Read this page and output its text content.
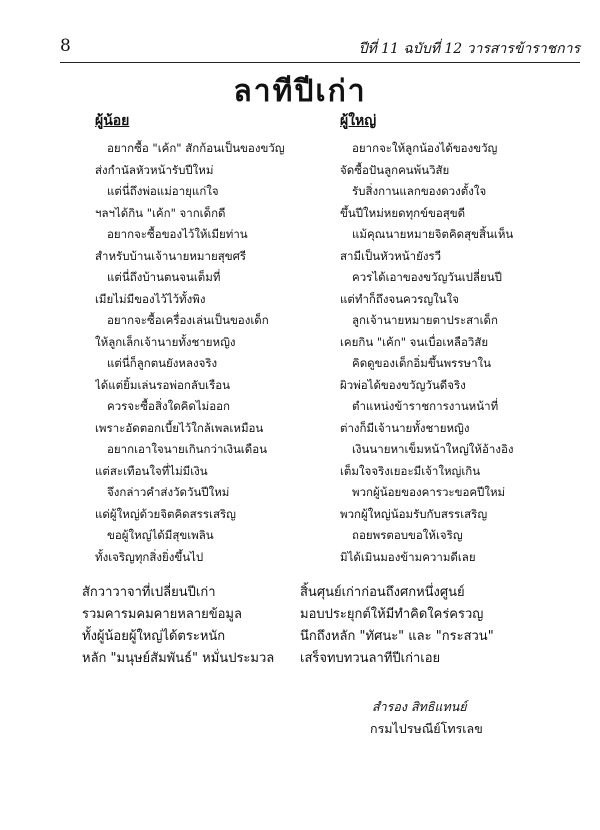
8	ปีที่ 11 ฉบับที่ 12 วารสารข้าราชการ
ลาทีปีเก่า
ผู้น้อย
อยากซื้อ "เค้ก" สักก้อนเป็นของขวัญ
ส่งกำนัลหัวหน้ารับปีใหม่
แต่นี่ถึงพ่อแม่อายุแก่ใจ
ฯลฯได้กิน "เค้ก" จากเด็กดี
อยากจะซื้อของไว้ให้เมียท่าน
สำหรับบ้านเจ้านายหมายสุขศรี
แต่นี่ถึงบ้านตนจนเต็มที่
เมียไม่มีของไว้ไว้ทั้งพิง
อยากจะซื้อเครื่องเล่นเป็นของเด็ก
ให้ลูกเล็กเจ้านายทั้งชายหญิง
แต่นี่ก็ลูกตนยังหลงจริง
ได้แต่ยิ้มเล่นรอพ่อกลับเรือน
ควรจะซื้อสิ่งใดคิดไม่ออก
เพราะอัดตอกเบี้ยไว้ใกล้เพลเหมือน
อยากเอาใจนายเกินกว่าเงินเดือน
แต่สะเทือนใจที่ไม่มีเงิน
จึงกล่าวคำส่งวัดวันปีใหม่
แด่ผู้ใหญ่ด้วยจิตคิดสรรเสริญ
ขอผู้ใหญ่ได้มีสุขเพลิน
ทั้งเจริญทุกสิ่งยิ่งขึ้นไป
ผู้ใหญ่
อยากจะให้ลูกน้องได้ของขวัญ
จัดซื้อปันลูกคนพ้นวิสัย
รับสิ่งกานแลกของดวงตั้งใจ
ขึ้นปีใหม่หยดทุกข์ขอสุขดี
แม้คุณนายหมายจิตคิดสุขสิ้นเห็น
สามีเป็นหัวหน้ายังรวี
ควรได้เอาของขวัญวันเปลี่ยนปี
แต่ทำก็ถึงจนควรญในใจ
ลูกเจ้านายหมายตาประสาเด็ก
เคยกิน "เค้ก" จนเบื่อเหลือวิสัย
คิดดูของเด็กอิ่มขึ้นพรรษาใน
ผิวพ่อได้ของขวัญวันดีจริง
ตำแหน่งข้าราชการงานหน้าที่
ต่างก็มีเจ้านายทั้งชายหญิง
เงินนายหาเข็มหน้าใหญ่ให้อ้างอิง
เต็มใจจริงเยอะมีเจ้าใหญ่เกิน
พวกผู้น้อยของคารวะขอคปีใหม่
พวกผู้ใหญ่น้อมรับกับสรรเสริญ
ถอยพรตอบขอให้เจริญ
มิได้เมินมองข้ามความดีเลย
สักวาวาจาที่เปลี่ยนปีเก่า
รวมคารมคมคายหลายข้อมูล
ทั้งผู้น้อยผู้ใหญ่ได้ตระหนัก
หลัก "มนุษย์สัมพันธ์" หมั่นประมวล
สิ้นศุนย์เก่าก่อนถึงศกหนึ่งศูนย์
มอบประยุกต์ให้มีทำคิดใคร่ครวญ
นึกถึงหลัก "ทัศนะ" และ "กระสวน"
เสร็จทบทวนลาทีปีเก่าเอย
สำรอง สิทธิแทนย์
กรมไปรษณีย์โทรเลข
